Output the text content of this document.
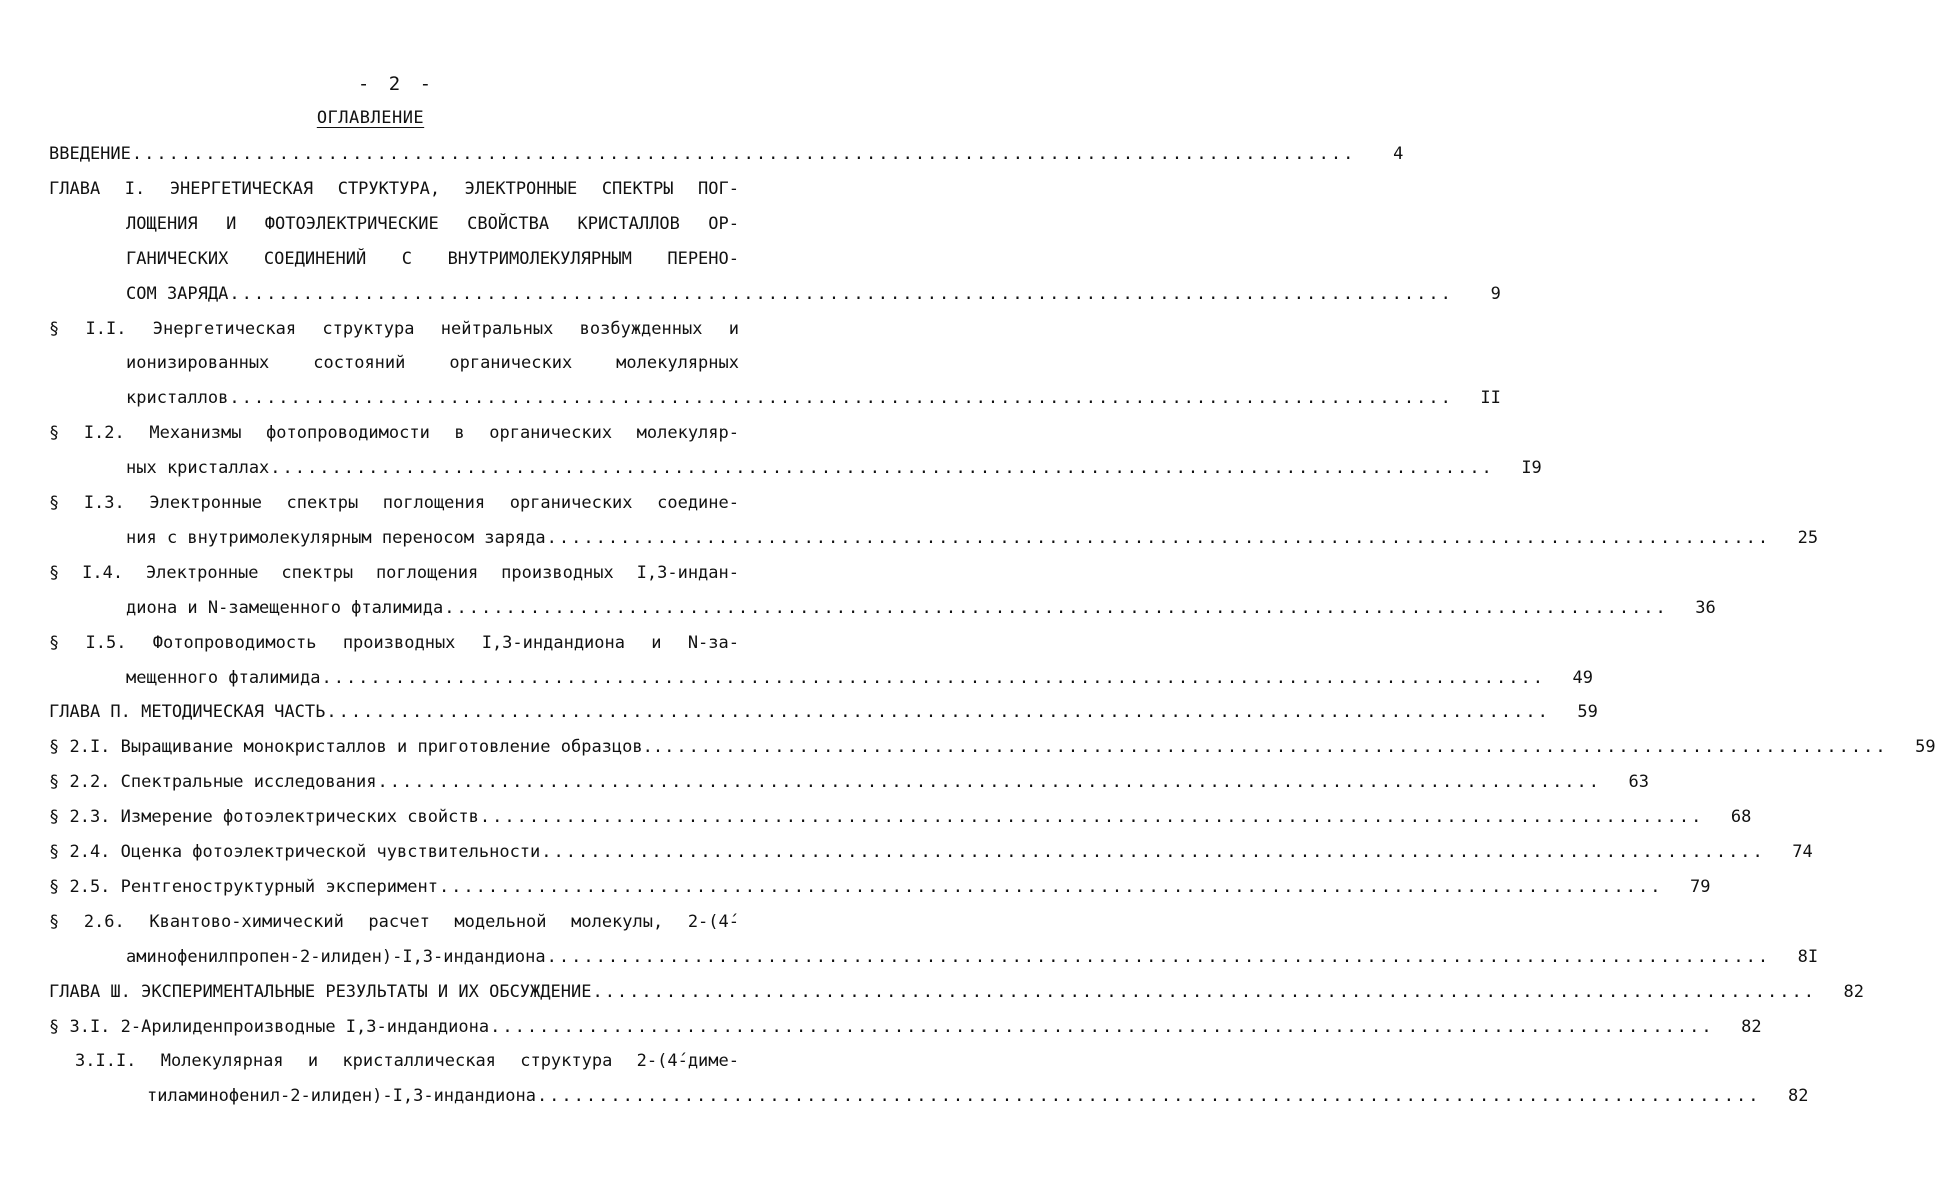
- 2 -
ОГЛАВЛЕНИЕ
ВВЕДЕНИЕ ....................................................................................................	4
ГЛАВА I. ЭНЕРГЕТИЧЕСКАЯ СТРУКТУРА, ЭЛЕКТРОННЫЕ СПЕКТРЫ ПОГ-
ЛОЩЕНИЯ И ФОТОЭЛЕКТРИЧЕСКИЕ СВОЙСТВА КРИСТАЛЛОВ ОР-
ГАНИЧЕСКИХ СОЕДИНЕНИЙ С ВНУТРИМОЛЕКУЛЯРНЫМ ПЕРЕНО-
СОМ ЗАРЯДА ....................................................................................................	9
§ I.I. Энергетическая структура нейтральных возбужденных и
ионизированных состояний органических молекулярных
кристаллов ....................................................................................................	II
§ I.2. Механизмы фотопроводимости в органических молекуляр-
ных кристаллах ....................................................................................................	I9
§ I.3. Электронные спектры поглощения органических соедине-
ния с внутримолекулярным переносом заряда ....................................................................................................	25
§ I.4. Электронные спектры поглощения производных I,3-индан-
диона и N-замещенного фталимида ....................................................................................................	36
§ I.5. Фотопроводимость производных I,3-индандиона и N-за-
мещенного фталимида ....................................................................................................	49
ГЛАВА П. МЕТОДИЧЕСКАЯ ЧАСТЬ ....................................................................................................	59
§ 2.I. Выращивание монокристаллов и приготовление образцов.. ....................................................................................................	59
§ 2.2. Спектральные исследования ....................................................................................................	63
§ 2.3. Измерение фотоэлектрических свойств ....................................................................................................	68
§ 2.4. Оценка фотоэлектрической чувствительности ....................................................................................................	74
§ 2.5. Рентгеноструктурный эксперимент ....................................................................................................	79
§ 2.6. Квантово-химический расчет модельной молекулы, 2-(4́-
аминофенилпропен-2-илиден)-I,3-индандиона ....................................................................................................	8I
ГЛАВА Ш. ЭКСПЕРИМЕНТАЛЬНЫЕ РЕЗУЛЬТАТЫ И ИХ ОБСУЖДЕНИЕ ....................................................................................................	82
§ 3.I. 2-Арилиденпроизводные I,3-индандиона ....................................................................................................	82
3.I.I. Молекулярная и кристаллическая структура 2-(4́-диме-
тиламинофенил-2-илиден)-I,3-индандиона ....................................................................................................	82
